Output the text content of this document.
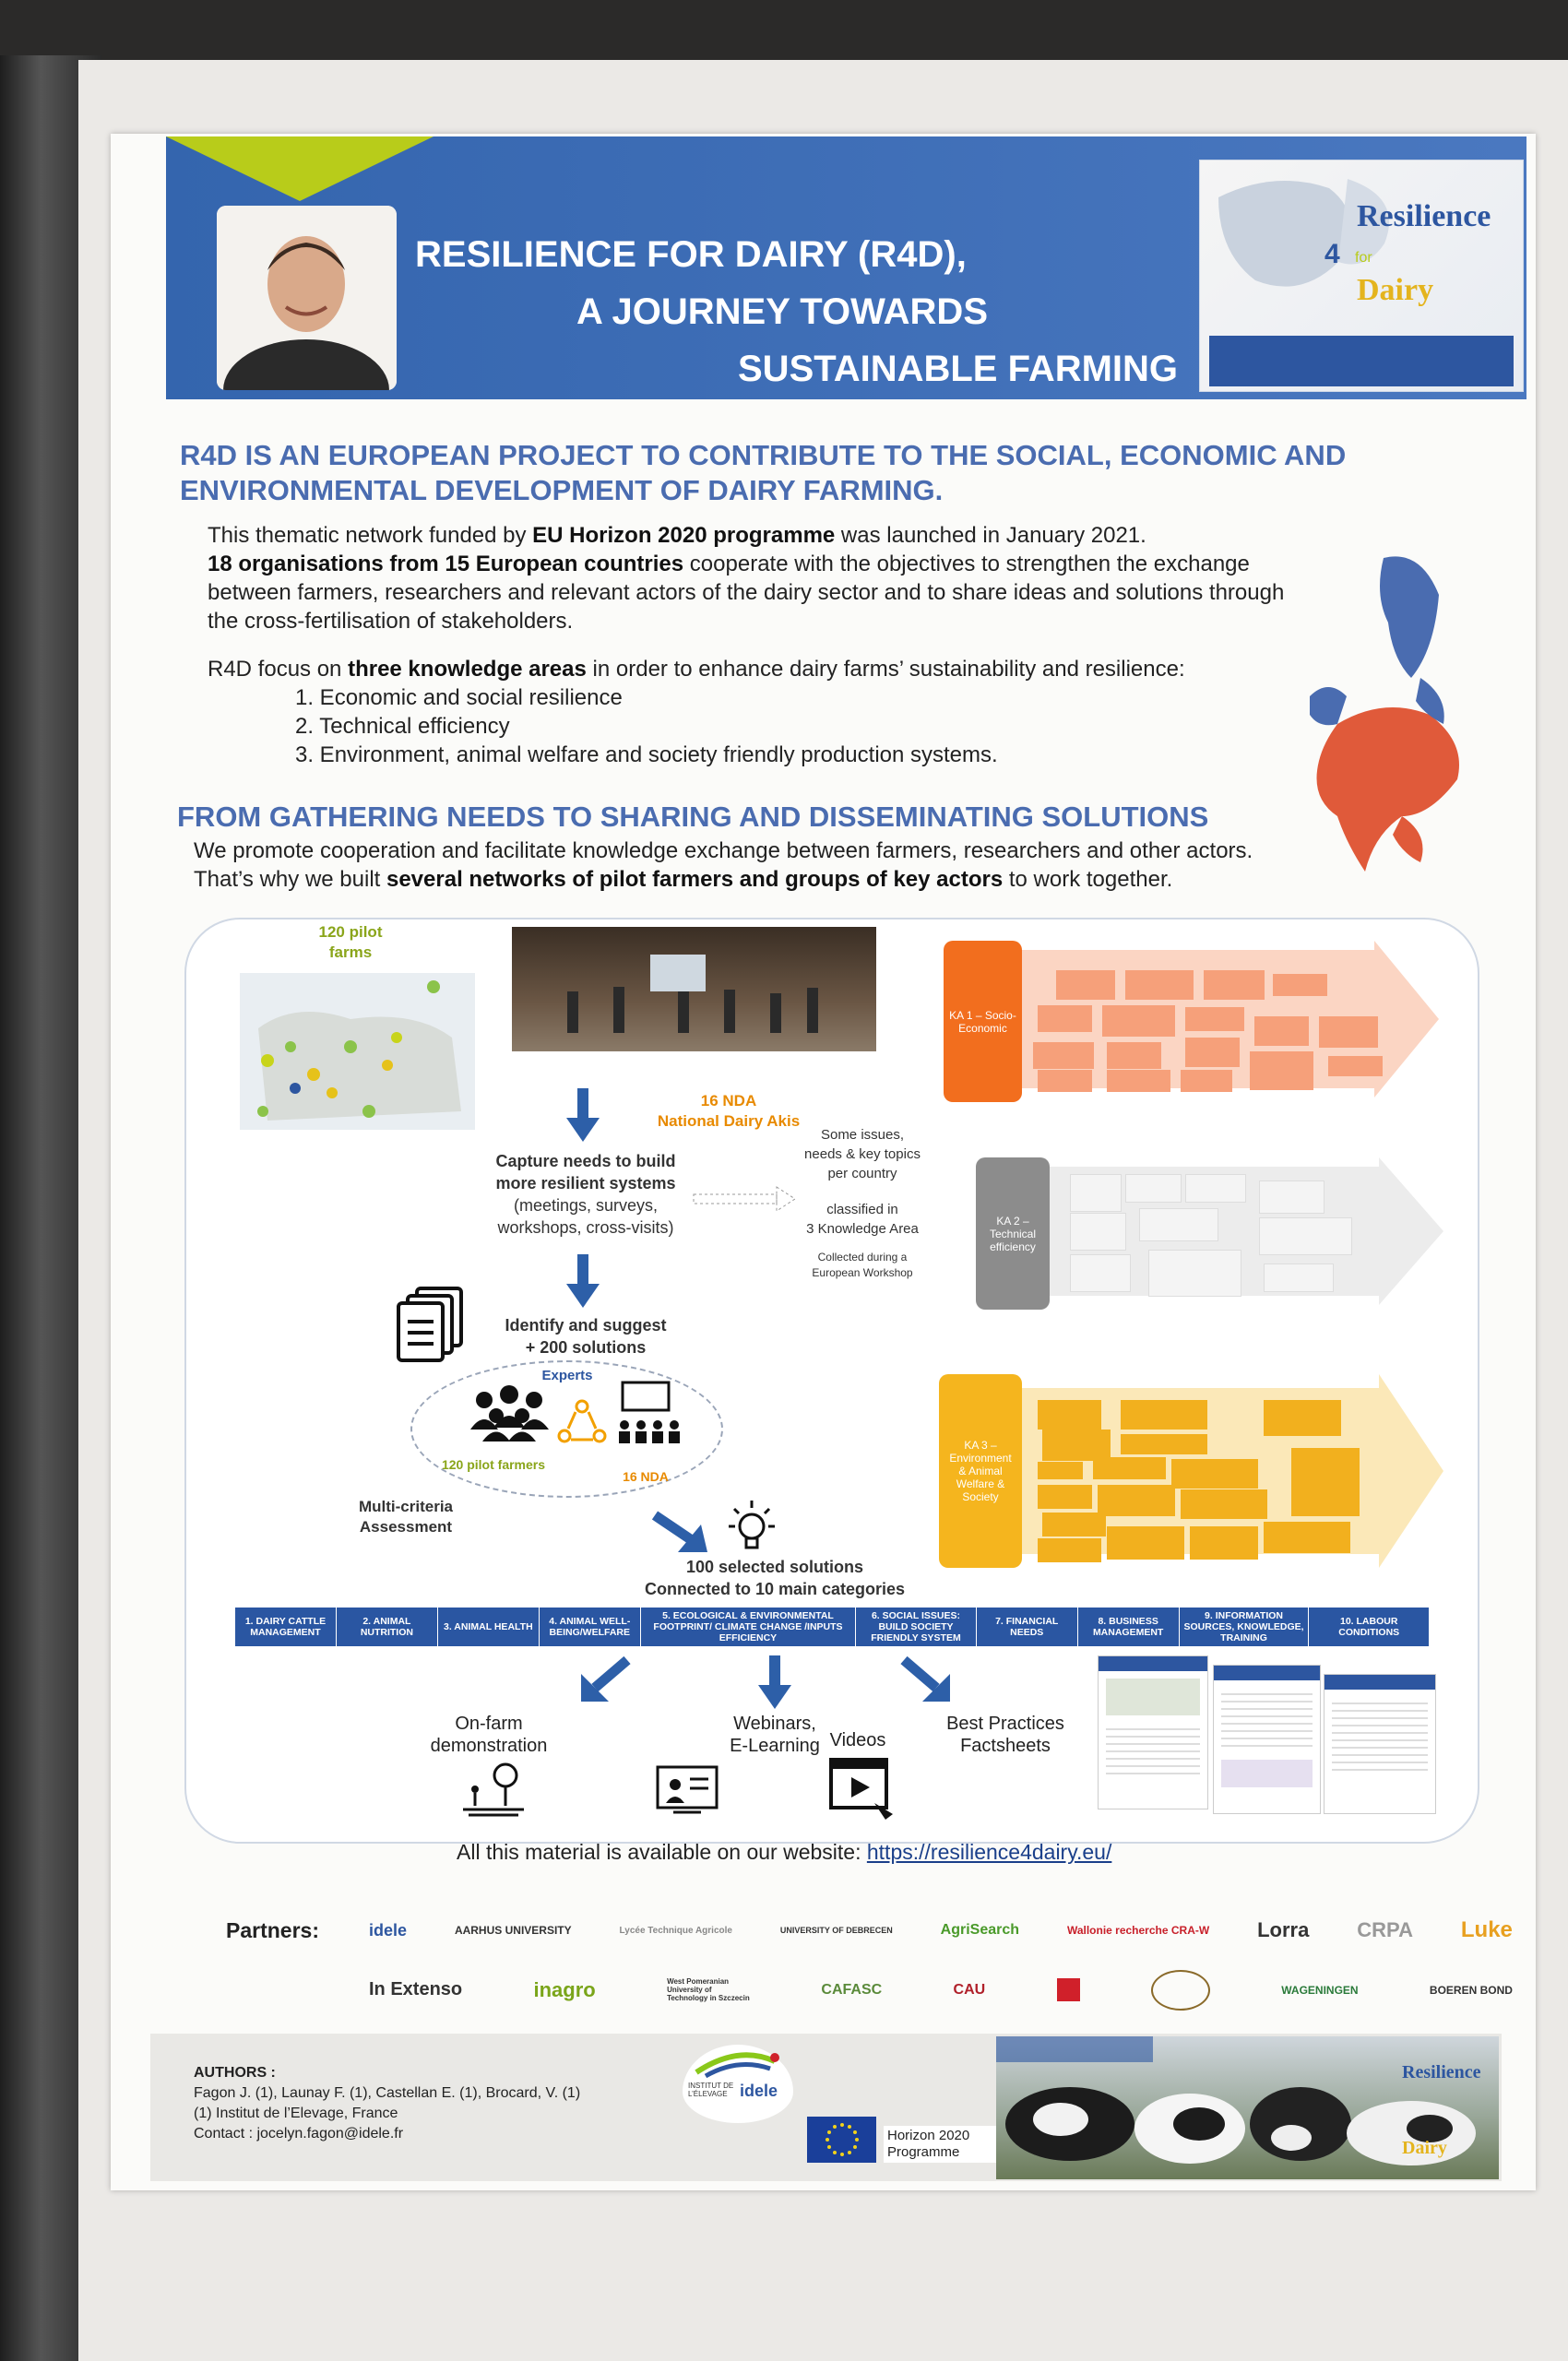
RESILIENCE FOR DAIRY (R4D),
A JOURNEY TOWARDS
SUSTAINABLE FARMING
Resilience
4 for
Dairy
R4D IS AN EUROPEAN PROJECT TO CONTRIBUTE TO THE SOCIAL, ECONOMIC AND
ENVIRONMENTAL DEVELOPMENT OF DAIRY FARMING.
This thematic network funded by EU Horizon 2020 programme was launched in January 2021.
18 organisations from 15 European countries cooperate with the objectives to strengthen the exchange between farmers, researchers and relevant actors of the dairy sector and to share ideas and solutions through the cross-fertilisation of stakeholders.
R4D focus on three knowledge areas in order to enhance dairy farms’ sustainability and resilience:
1. Economic and social resilience
2. Technical efficiency
3. Environment, animal welfare and society friendly production systems.
FROM GATHERING NEEDS TO SHARING AND DISSEMINATING SOLUTIONS
We promote cooperation and facilitate knowledge exchange between farmers, researchers and other actors.
That’s why we built several networks of pilot farmers and groups of key actors to work together.
120 pilot
farms
16 NDA
National Dairy Akis
Capture needs to build
more resilient systems
(meetings, surveys,
workshops, cross-visits)
Some issues,
needs & key topics
per country
classified in
3 Knowledge Area
Collected during a
European Workshop
Identify and suggest
+ 200 solutions
Experts
120 pilot farmers
16 NDA
Multi-criteria
Assessment
100 selected solutions
Connected to 10 main categories
KA 1 – Socio-Economic
KA 2 – Technical efficiency
KA 3 – Environment & Animal Welfare & Society
1. DAIRY CATTLE MANAGEMENT
2. ANIMAL NUTRITION	3. ANIMAL HEALTH	4. ANIMAL WELL-BEING/WELFARE
5. ECOLOGICAL & ENVIRONMENTAL FOOTPRINT/ CLIMATE CHANGE /INPUTS EFFICIENCY
6. SOCIAL ISSUES: BUILD SOCIETY FRIENDLY SYSTEM
7. FINANCIAL NEEDS
8. BUSINESS MANAGEMENT
9. INFORMATION SOURCES, KNOWLEDGE, TRAINING
10. LABOUR CONDITIONS
On-farm
demonstration
Webinars,
E-Learning Videos
Best Practices
Factsheets
All this material is available on our website: https://resilience4dairy.eu/
Partners:	idele	AARHUS UNIVERSITY	Lycée Technique Agricole	UNIVERSITY OF DEBRECEN	AgriSearch	Wallonie recherche CRA-W Lorra CRPA Luke
In Extenso	inagro	West Pomeranian University of Technology in Szczecin
CAFASC	CAU	WAGENINGEN	BOEREN BOND
AUTHORS :
Fagon J. (1), Launay F. (1), Castellan E. (1), Brocard, V. (1)
(1) Institut de l’Elevage, France
Contact : jocelyn.fagon@idele.fr
INSTITUT DE
L’ÉLEVAGE idele
Horizon 2020
Programme
Resilience
Dairy
